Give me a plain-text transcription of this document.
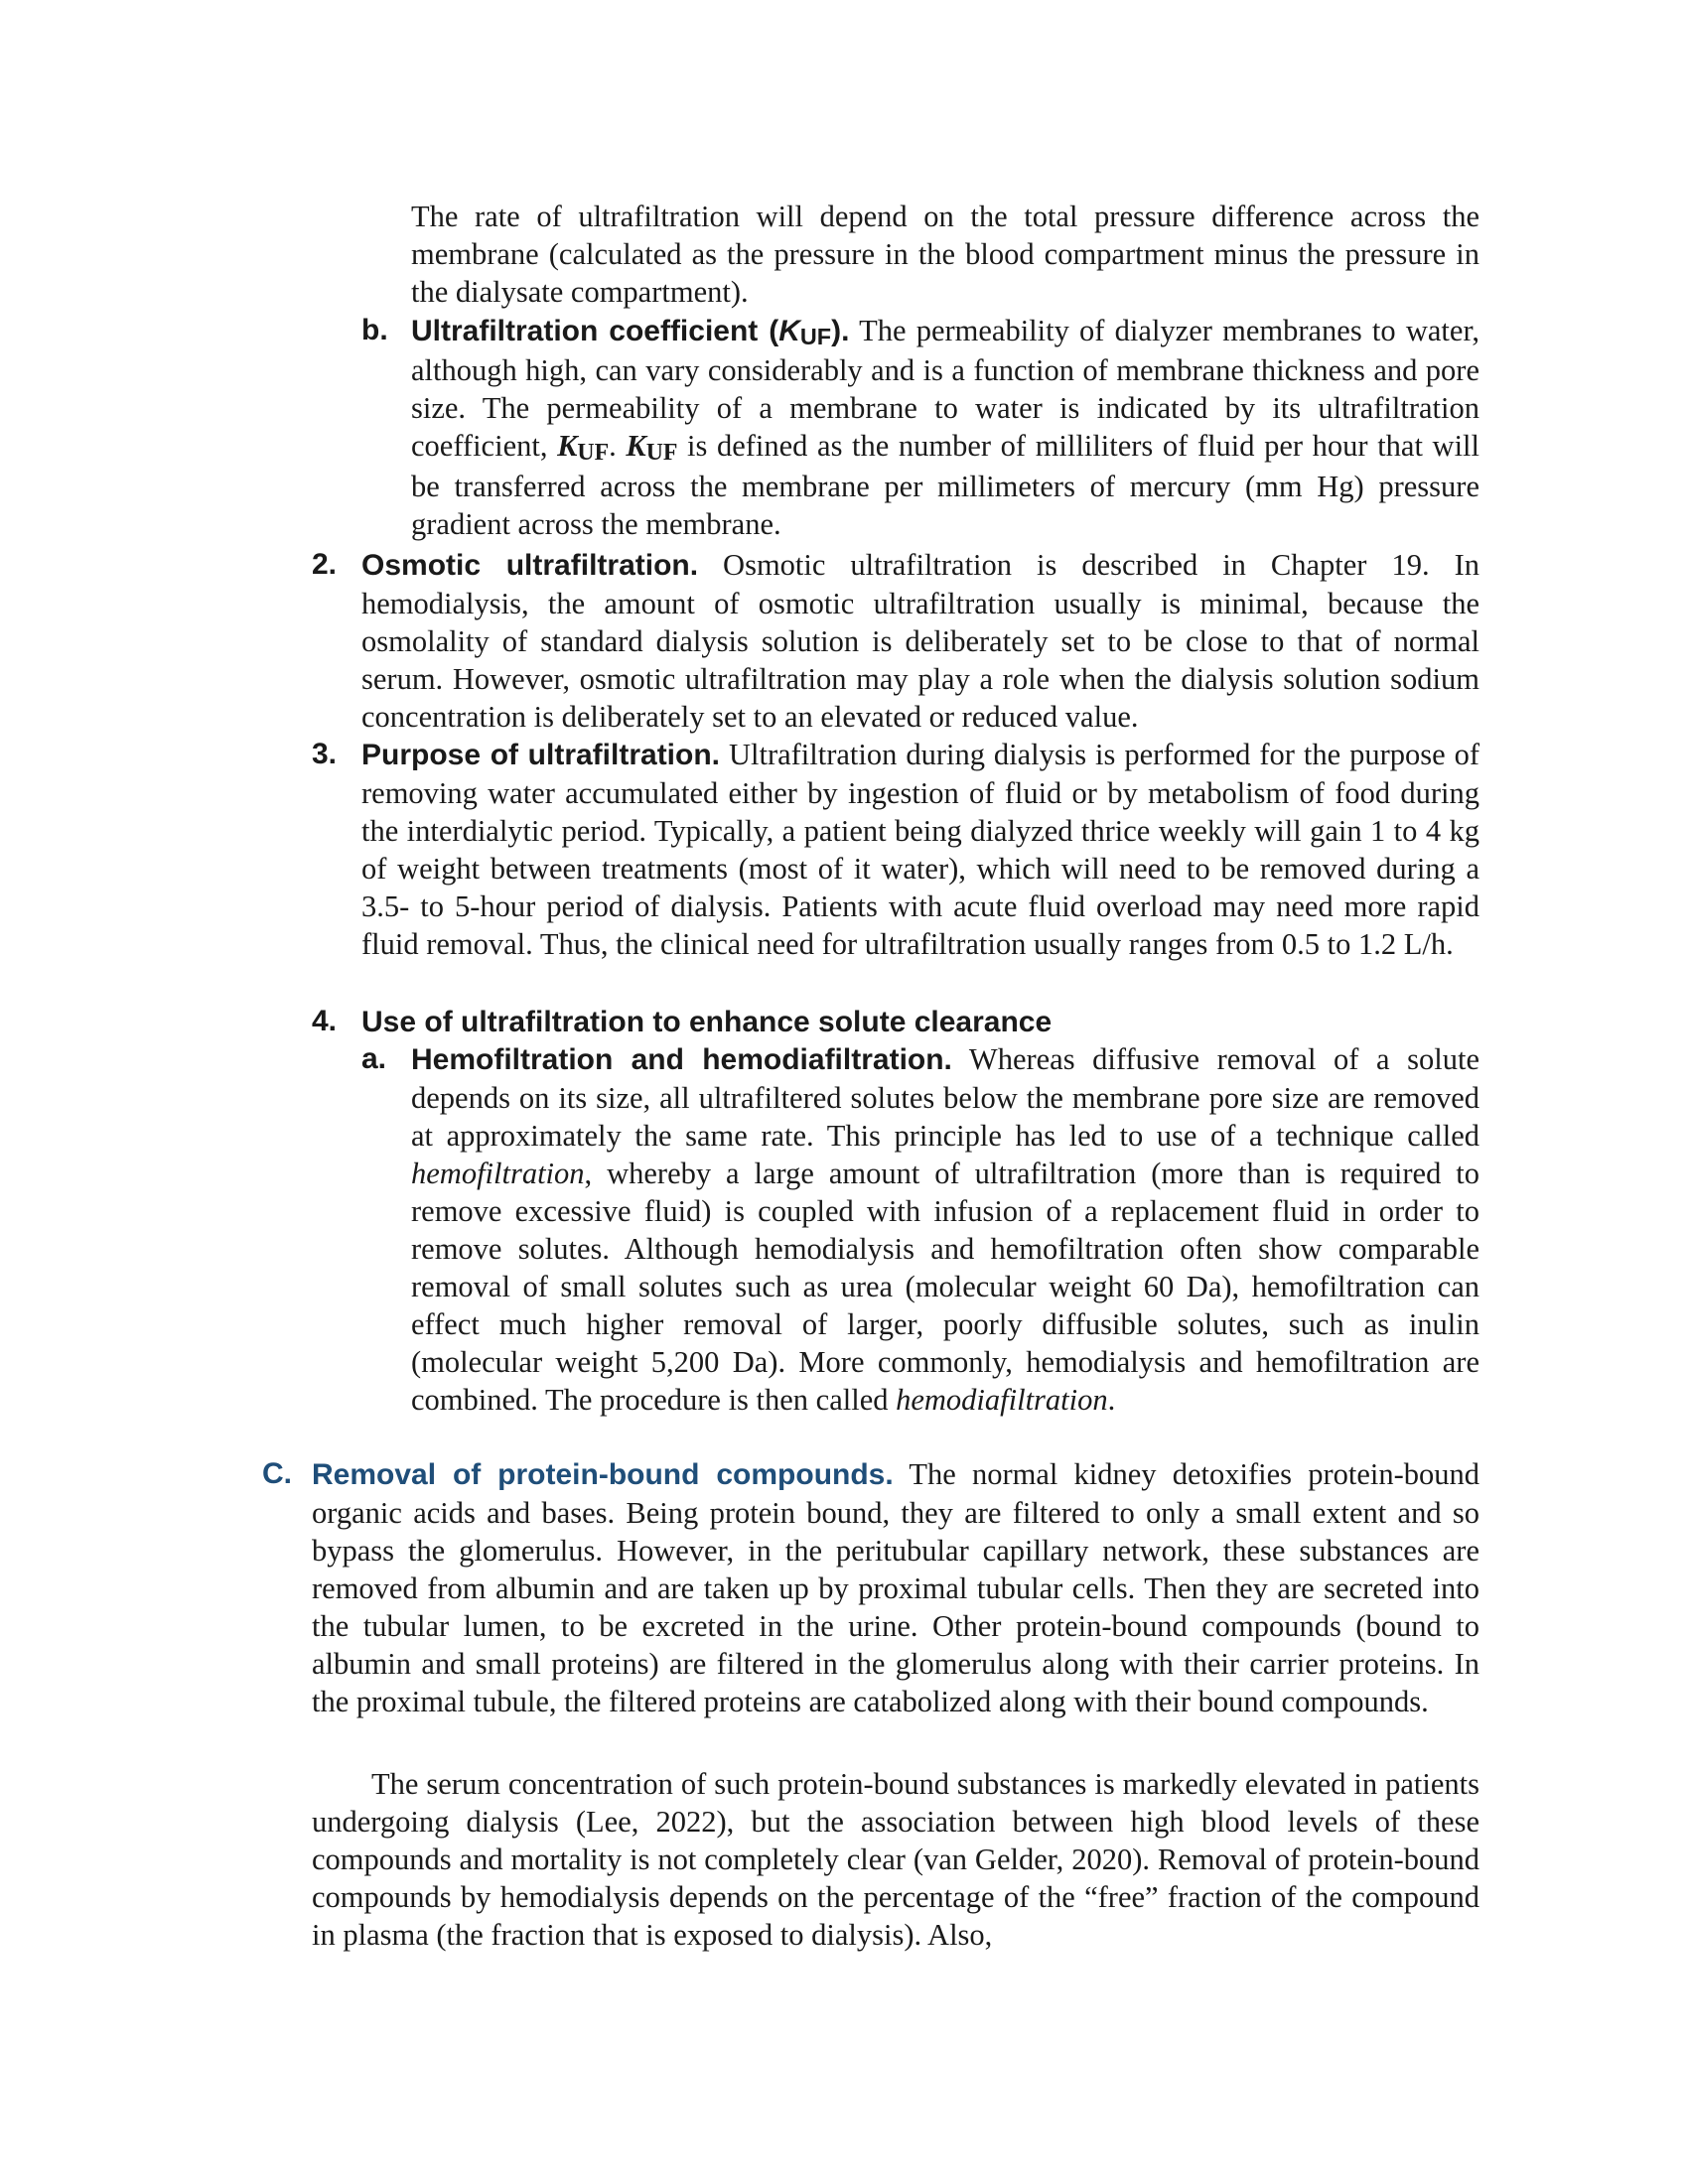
The rate of ultrafiltration will depend on the total pressure difference across the membrane (calculated as the pressure in the blood compartment minus the pressure in the dialysate compartment).

b. Ultrafiltration coefficient $(K_{UF})$. The permeability of dialyzer membranes to water, although high, can vary considerably and is a function of membrane thickness and pore size. The permeability of a membrane to water is indicated by its ultrafiltration coefficient, $K_{UF}$. $K_{UF}$ is defined as the number of milliliters of fluid per hour that will be transferred across the membrane per millimeters of mercury (mm Hg) pressure gradient across the membrane.

2. Osmotic ultrafiltration. Osmotic ultrafiltration is described in Chapter 19. In hemodialysis, the amount of osmotic ultrafiltration usually is minimal, because the osmolality of standard dialysis solution is deliberately set to be close to that of normal serum. However, osmotic ultrafiltration may play a role when the dialysis solution sodium concentration is deliberately set to an elevated or reduced value.

3. Purpose of ultrafiltration. Ultrafiltration during dialysis is performed for the purpose of removing water accumulated either by ingestion of fluid or by metabolism of food during the interdialytic period. Typically, a patient being dialyzed thrice weekly will gain 1 to 4 kg of weight between treatments (most of it water), which will need to be removed during a 3.5- to 5-hour period of dialysis. Patients with acute fluid overload may need more rapid fluid removal. Thus, the clinical need for ultrafiltration usually ranges from 0.5 to 1.2 L/h.

4. Use of ultrafiltration to enhance solute clearance

a. Hemofiltration and hemodiafiltration. Whereas diffusive removal of a solute depends on its size, all ultrafiltered solutes below the membrane pore size are removed at approximately the same rate. This principle has led to use of a technique called hemofiltration, whereby a large amount of ultrafiltration (more than is required to remove excessive fluid) is coupled with infusion of a replacement fluid in order to remove solutes. Although hemodialysis and hemofiltration often show comparable removal of small solutes such as urea (molecular weight 60 Da), hemofiltration can effect much higher removal of larger, poorly diffusible solutes, such as inulin (molecular weight 5,200 Da). More commonly, hemodialysis and hemofiltration are combined. The procedure is then called hemodiafiltration.

C. Removal of protein-bound compounds. The normal kidney detoxifies protein-bound organic acids and bases. Being protein bound, they are filtered to only a small extent and so bypass the glomerulus. However, in the peritubular capillary network, these substances are removed from albumin and are taken up by proximal tubular cells. Then they are secreted into the tubular lumen, to be excreted in the urine. Other protein-bound compounds (bound to albumin and small proteins) are filtered in the glomerulus along with their carrier proteins. In the proximal tubule, the filtered proteins are catabolized along with their bound compounds.

The serum concentration of such protein-bound substances is markedly elevated in patients undergoing dialysis (Lee, 2022), but the association between high blood levels of these compounds and mortality is not completely clear (van Gelder, 2020). Removal of protein-bound compounds by hemodialysis depends on the percentage of the “free” fraction of the compound in plasma (the fraction that is exposed to dialysis). Also,
